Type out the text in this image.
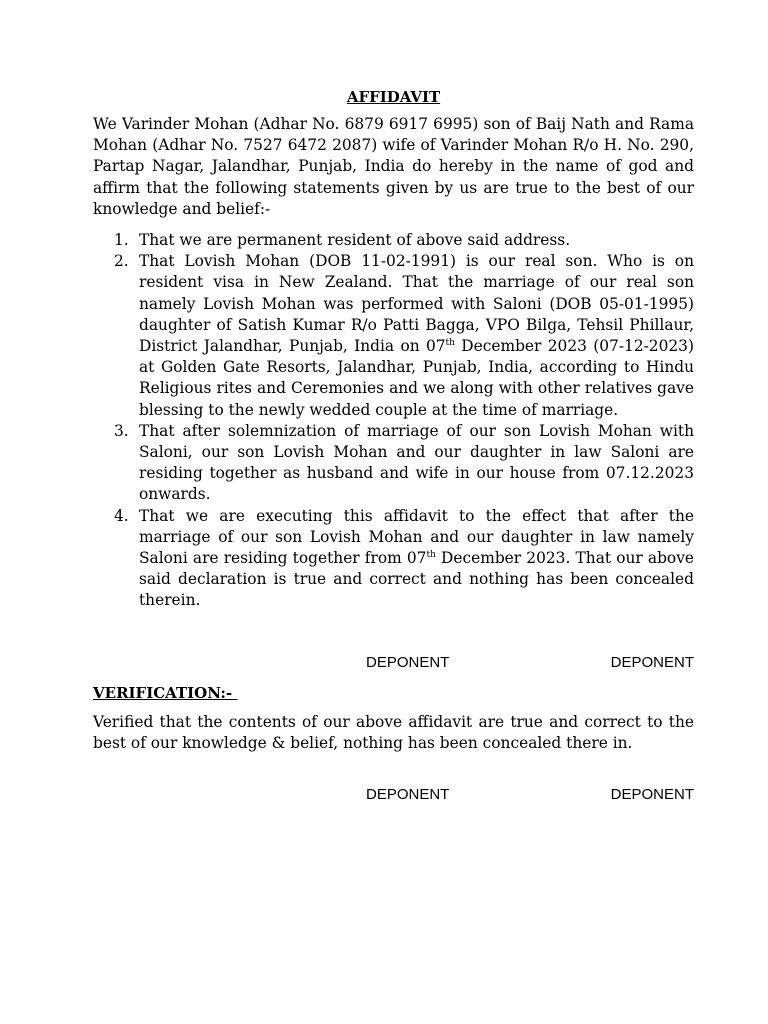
AFFIDAVIT

We Varinder Mohan (Adhar No. 6879 6917 6995) son of Baij Nath and Rama Mohan (Adhar No. 7527 6472 2087) wife of Varinder Mohan R/o H. No. 290, Partap Nagar, Jalandhar, Punjab, India do hereby in the name of god and affirm that the following statements given by us are true to the best of our knowledge and belief:-

1. That we are permanent resident of above said address.
2. That Lovish Mohan (DOB 11-02-1991) is our real son. Who is on resident visa in New Zealand. That the marriage of our real son namely Lovish Mohan was performed with Saloni (DOB 05-01-1995) daughter of Satish Kumar R/o Patti Bagga, VPO Bilga, Tehsil Phillaur, District Jalandhar, Punjab, India on 07th December 2023 (07-12-2023) at Golden Gate Resorts, Jalandhar, Punjab, India, according to Hindu Religious rites and Ceremonies and we along with other relatives gave blessing to the newly wedded couple at the time of marriage.
3. That after solemnization of marriage of our son Lovish Mohan with Saloni, our son Lovish Mohan and our daughter in law Saloni are residing together as husband and wife in our house from 07.12.2023 onwards.
4. That we are executing this affidavit to the effect that after the marriage of our son Lovish Mohan and our daughter in law namely Saloni are residing together from 07th December 2023. That our above said declaration is true and correct and nothing has been concealed therein.
DEPONENT	DEPONENT
VERIFICATION:-

Verified that the contents of our above affidavit are true and correct to the best of our knowledge & belief, nothing has been concealed there in.

DEPONENT	DEPONENT
